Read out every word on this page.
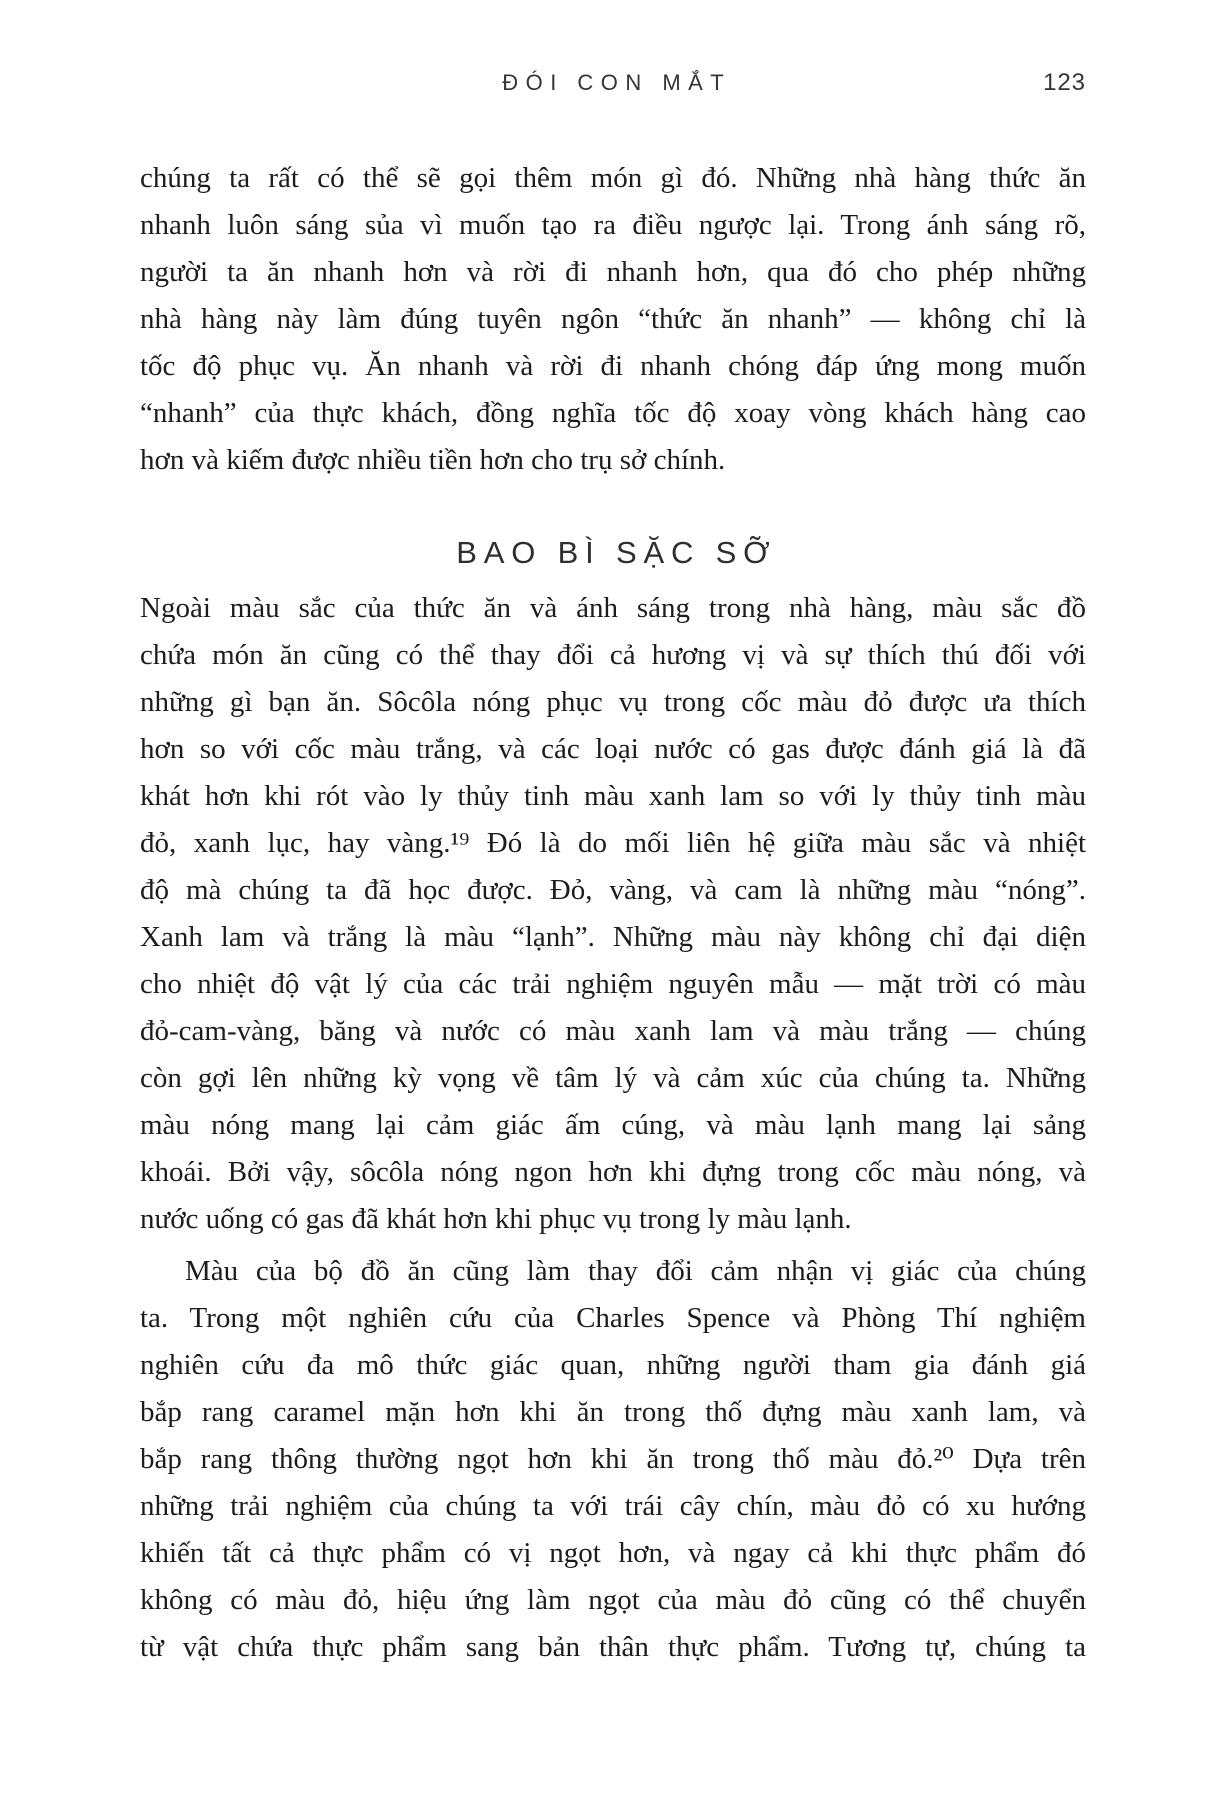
ĐÓI CON MẮT	123
chúng ta rất có thể sẽ gọi thêm món gì đó. Những nhà hàng thức ăn
nhanh luôn sáng sủa vì muốn tạo ra điều ngược lại. Trong ánh sáng rõ,
người ta ăn nhanh hơn và rời đi nhanh hơn, qua đó cho phép những
nhà hàng này làm đúng tuyên ngôn “thức ăn nhanh” — không chỉ là
tốc độ phục vụ. Ăn nhanh và rời đi nhanh chóng đáp ứng mong muốn
“nhanh” của thực khách, đồng nghĩa tốc độ xoay vòng khách hàng cao
hơn và kiếm được nhiều tiền hơn cho trụ sở chính.
BAO BÌ SẶC SỠ
Ngoài màu sắc của thức ăn và ánh sáng trong nhà hàng, màu sắc đồ
chứa món ăn cũng có thể thay đổi cả hương vị và sự thích thú đối với
những gì bạn ăn. Sôcôla nóng phục vụ trong cốc màu đỏ được ưa thích
hơn so với cốc màu trắng, và các loại nước có gas được đánh giá là đã
khát hơn khi rót vào ly thủy tinh màu xanh lam so với ly thủy tinh màu
đỏ, xanh lục, hay vàng.¹⁹ Đó là do mối liên hệ giữa màu sắc và nhiệt
độ mà chúng ta đã học được. Đỏ, vàng, và cam là những màu “nóng”.
Xanh lam và trắng là màu “lạnh”. Những màu này không chỉ đại diện
cho nhiệt độ vật lý của các trải nghiệm nguyên mẫu — mặt trời có màu
đỏ-cam-vàng, băng và nước có màu xanh lam và màu trắng — chúng
còn gợi lên những kỳ vọng về tâm lý và cảm xúc của chúng ta. Những
màu nóng mang lại cảm giác ấm cúng, và màu lạnh mang lại sảng
khoái. Bởi vậy, sôcôla nóng ngon hơn khi đựng trong cốc màu nóng, và
nước uống có gas đã khát hơn khi phục vụ trong ly màu lạnh.
Màu của bộ đồ ăn cũng làm thay đổi cảm nhận vị giác của chúng
ta. Trong một nghiên cứu của Charles Spence và Phòng Thí nghiệm
nghiên cứu đa mô thức giác quan, những người tham gia đánh giá
bắp rang caramel mặn hơn khi ăn trong thố đựng màu xanh lam, và
bắp rang thông thường ngọt hơn khi ăn trong thố màu đỏ.²⁰ Dựa trên
những trải nghiệm của chúng ta với trái cây chín, màu đỏ có xu hướng
khiến tất cả thực phẩm có vị ngọt hơn, và ngay cả khi thực phẩm đó
không có màu đỏ, hiệu ứng làm ngọt của màu đỏ cũng có thể chuyển
từ vật chứa thực phẩm sang bản thân thực phẩm. Tương tự, chúng ta
